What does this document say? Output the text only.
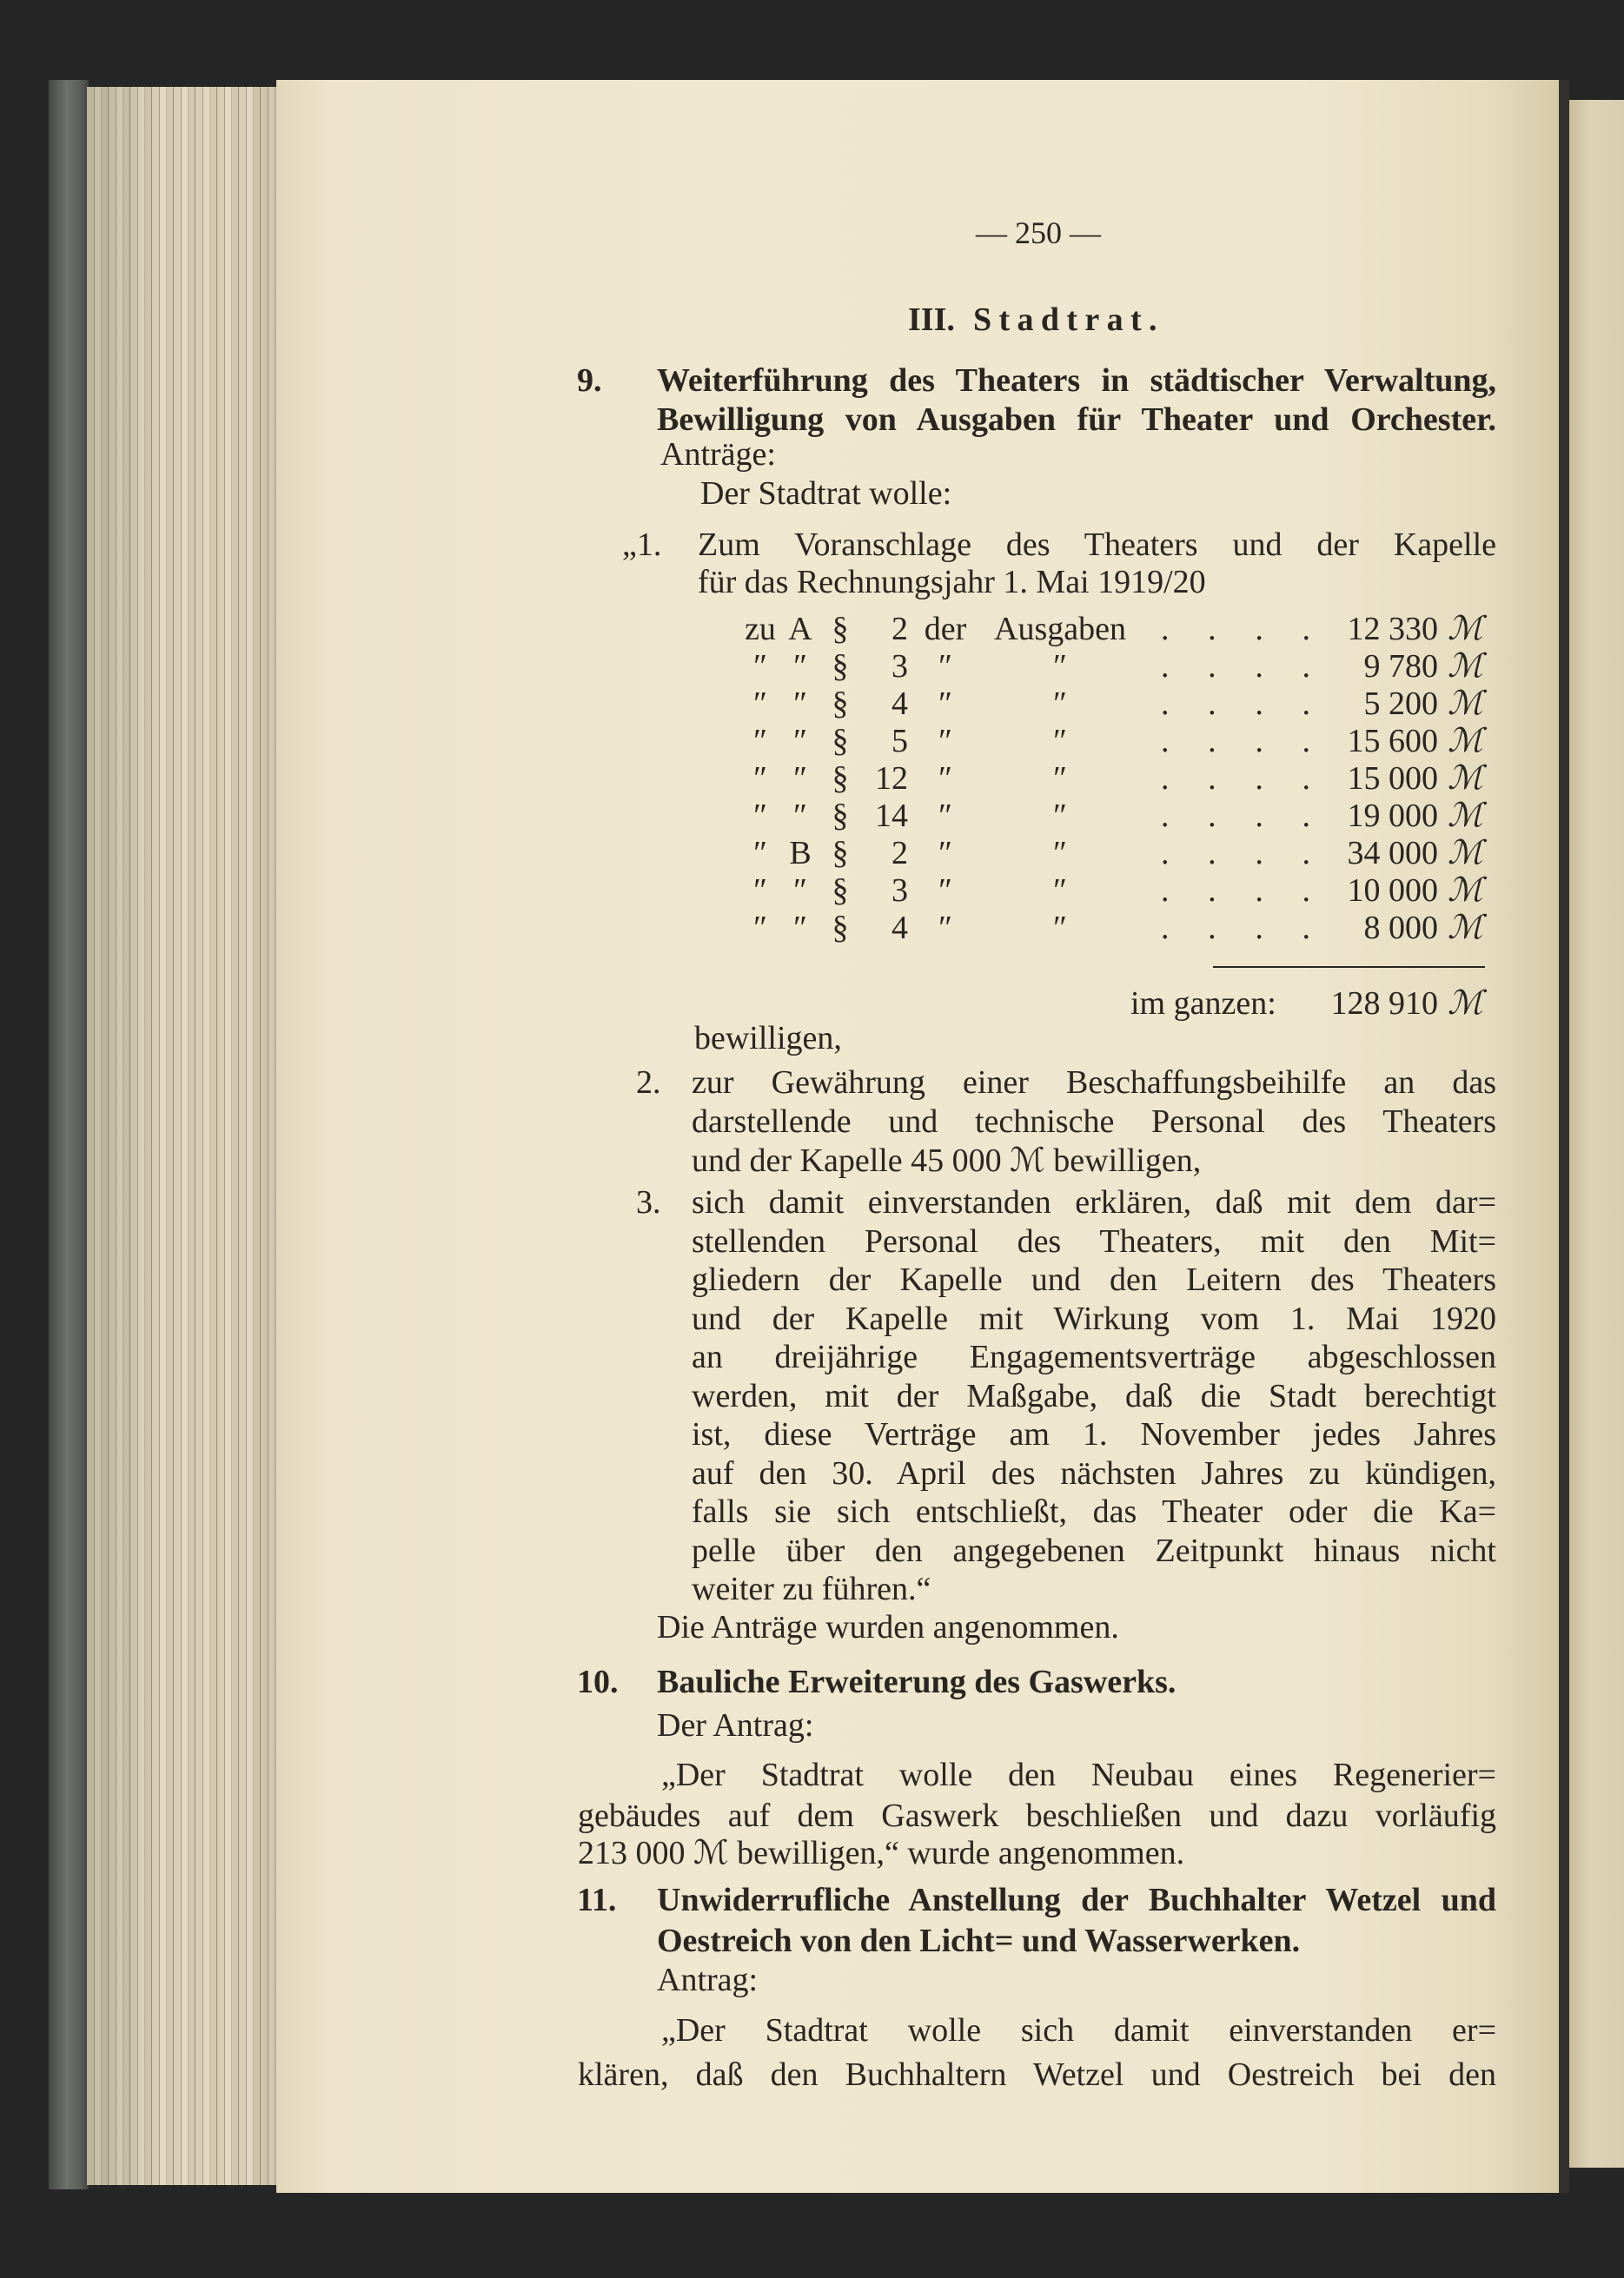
— 250 —
III. Stadtrat.
9. Weiterführung des Theaters in städtischer Verwaltung,
Bewilligung von Ausgaben für Theater und Orchester.
Anträge:
Der Stadtrat wolle:
„1. Zum Voranschlage des Theaters und der Kapelle
für das Rechnungsjahr 1. Mai 1919/20
zu A §	2 der Ausgaben	. . . .	12 330 ℳ
″ ″ §	3 ″	″	. . . .	9 780 ℳ
″ ″ §	4 ″	″	. . . .	5 200 ℳ
″ ″ §	5 ″	″	. . . .	15 600 ℳ
″ ″ § 12 ″	″	. . . .	15 000 ℳ
″ ″ § 14 ″	″	. . . .	19 000 ℳ
″ B §	2 ″	″	. . . .	34 000 ℳ
″ ″ §	3 ″	″	. . . .	10 000 ℳ
″ ″ §	4 ″	″	. . . .	8 000 ℳ
im ganzen:	128 910 ℳ
bewilligen,
2. zur Gewährung einer Beschaffungsbeihilfe an das
darstellende und technische Personal des Theaters
und der Kapelle 45 000 ℳ bewilligen,
3. sich damit einverstanden erklären, daß mit dem dar=
stellenden Personal des Theaters, mit den Mit=
gliedern der Kapelle und den Leitern des Theaters
und der Kapelle mit Wirkung vom 1. Mai 1920
an dreijährige Engagementsverträge abgeschlossen
werden, mit der Maßgabe, daß die Stadt berechtigt
ist, diese Verträge am 1. November jedes Jahres
auf den 30. April des nächsten Jahres zu kündigen,
falls sie sich entschließt, das Theater oder die Ka=
pelle über den angegebenen Zeitpunkt hinaus nicht
weiter zu führen.“
Die Anträge wurden angenommen.
10. Bauliche Erweiterung des Gaswerks.
Der Antrag:
„Der Stadtrat wolle den Neubau eines Regenerier=
gebäudes auf dem Gaswerk beschließen und dazu vorläufig
213 000 ℳ bewilligen,“ wurde angenommen.
11. Unwiderrufliche Anstellung der Buchhalter Wetzel und
Oestreich von den Licht= und Wasserwerken.
Antrag:
„Der Stadtrat wolle sich damit einverstanden er=
klären, daß den Buchhaltern Wetzel und Oestreich bei den
